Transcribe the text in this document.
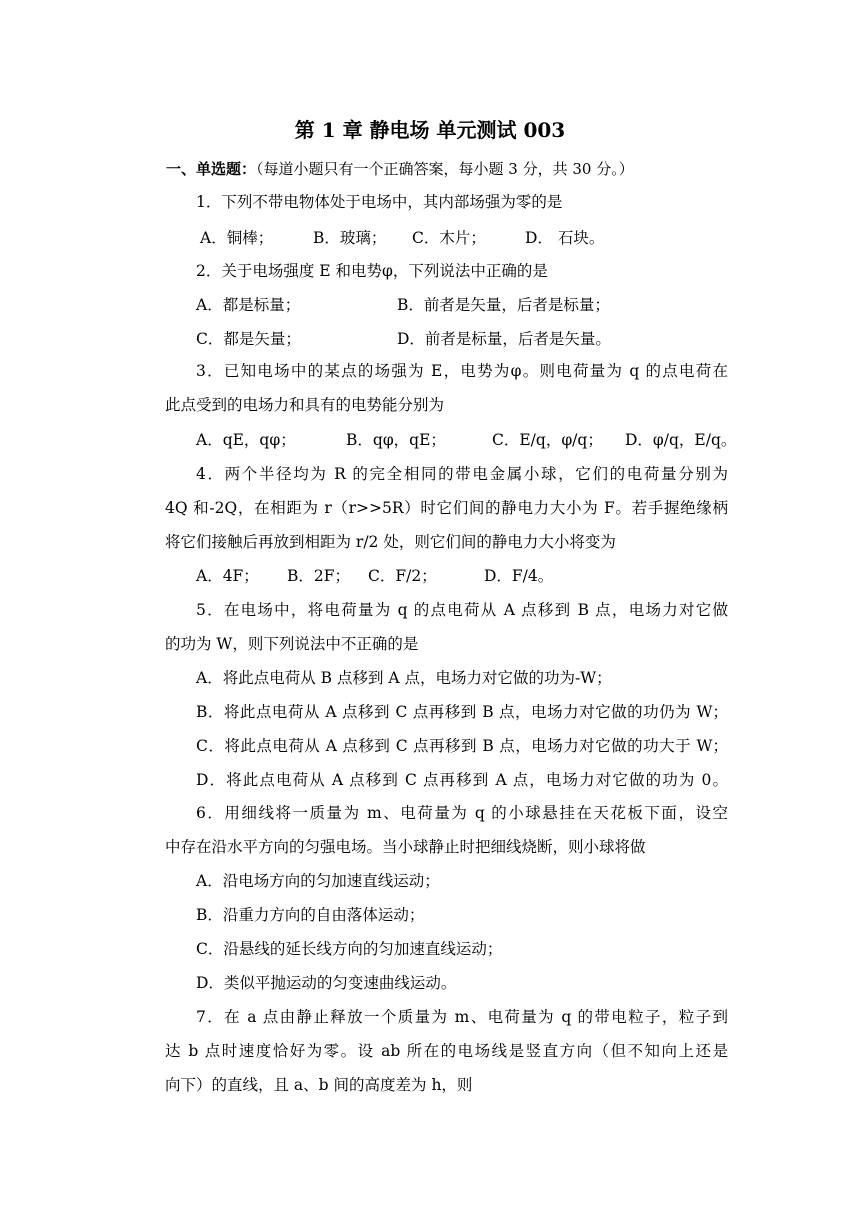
第 1 章 静电场 单元测试 003
一、单选题：（每道小题只有一个正确答案，每小题 3 分，共 30 分。）
1．下列不带电物体处于电场中，其内部场强为零的是
A．铜棒；	B．玻璃； C．木片；	D． 石块。
2．关于电场强度 E 和电势φ，下列说法中正确的是
A．都是标量；	B．前者是矢量，后者是标量；
C．都是矢量；	D．前者是标量，后者是矢量。
3．已知电场中的某点的场强为 E，电势为φ。则电荷量为 q 的点电荷在
此点受到的电场力和具有的电势能分别为
A．qE，qφ；	B．qφ，qE；	C．E/q，φ/q； D．φ/q，E/q。
4．两个半径均为 R 的完全相同的带电金属小球，它们的电荷量分别为
4Q 和-2Q，在相距为 r（r>>5R）时它们间的静电力大小为 F。若手握绝缘柄
将它们接触后再放到相距为 r/2 处，则它们间的静电力大小将变为
A．4F； B．2F； C．F/2；	D．F/4。
5．在电场中，将电荷量为 q 的点电荷从 A 点移到 B 点，电场力对它做
的功为 W，则下列说法中不正确的是
A．将此点电荷从 B 点移到 A 点，电场力对它做的功为-W；
B．将此点电荷从 A 点移到 C 点再移到 B 点，电场力对它做的功仍为 W；
C．将此点电荷从 A 点移到 C 点再移到 B 点，电场力对它做的功大于 W；
D．将此点电荷从 A 点移到 C 点再移到 A 点，电场力对它做的功为 0。
6．用细线将一质量为 m、电荷量为 q 的小球悬挂在天花板下面，设空
中存在沿水平方向的匀强电场。当小球静止时把细线烧断，则小球将做
A．沿电场方向的匀加速直线运动；
B．沿重力方向的自由落体运动；
C．沿悬线的延长线方向的匀加速直线运动；
D．类似平抛运动的匀变速曲线运动。
7．在 a 点由静止释放一个质量为 m、电荷量为 q 的带电粒子，粒子到
达 b 点时速度恰好为零。设 ab 所在的电场线是竖直方向（但不知向上还是
向下）的直线，且 a、b 间的高度差为 h，则
